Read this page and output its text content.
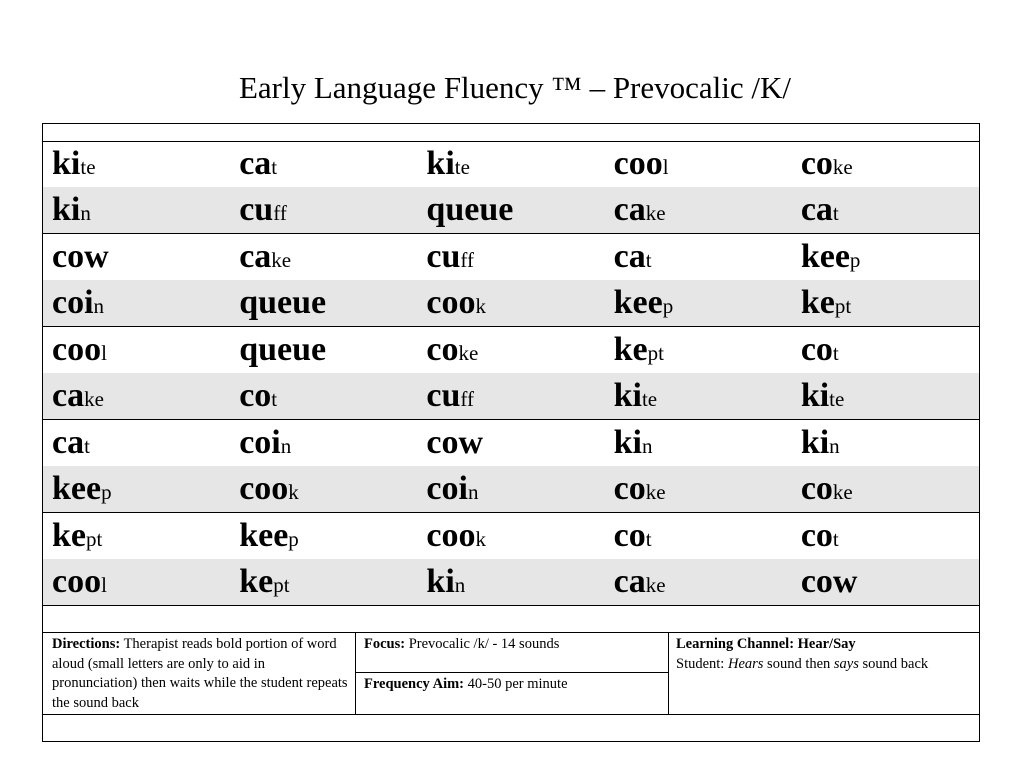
Early Language Fluency ™ – Prevocalic /K/
kite	cat	kite	cool	coke
kin	cuff	queue	cake	cat
cow	cake	cuff	cat	keep
coin	queue	cook	keep	kept
cool	queue	coke	kept	cot
cake	cot	cuff	kite	kite
cat	coin	cow	kin	kin
keep	cook	coin	coke	coke
kept	keep	cook	cot	cot
cool	kept	kin	cake	cow
Directions: Therapist reads bold portion of word aloud (small letters are only to aid in pronunciation) then waits while the student repeats the sound back
Focus: Prevocalic /k/ - 14 sounds
Frequency Aim: 40-50 per minute
Learning Channel: Hear/Say
Student: Hears sound then says sound back
